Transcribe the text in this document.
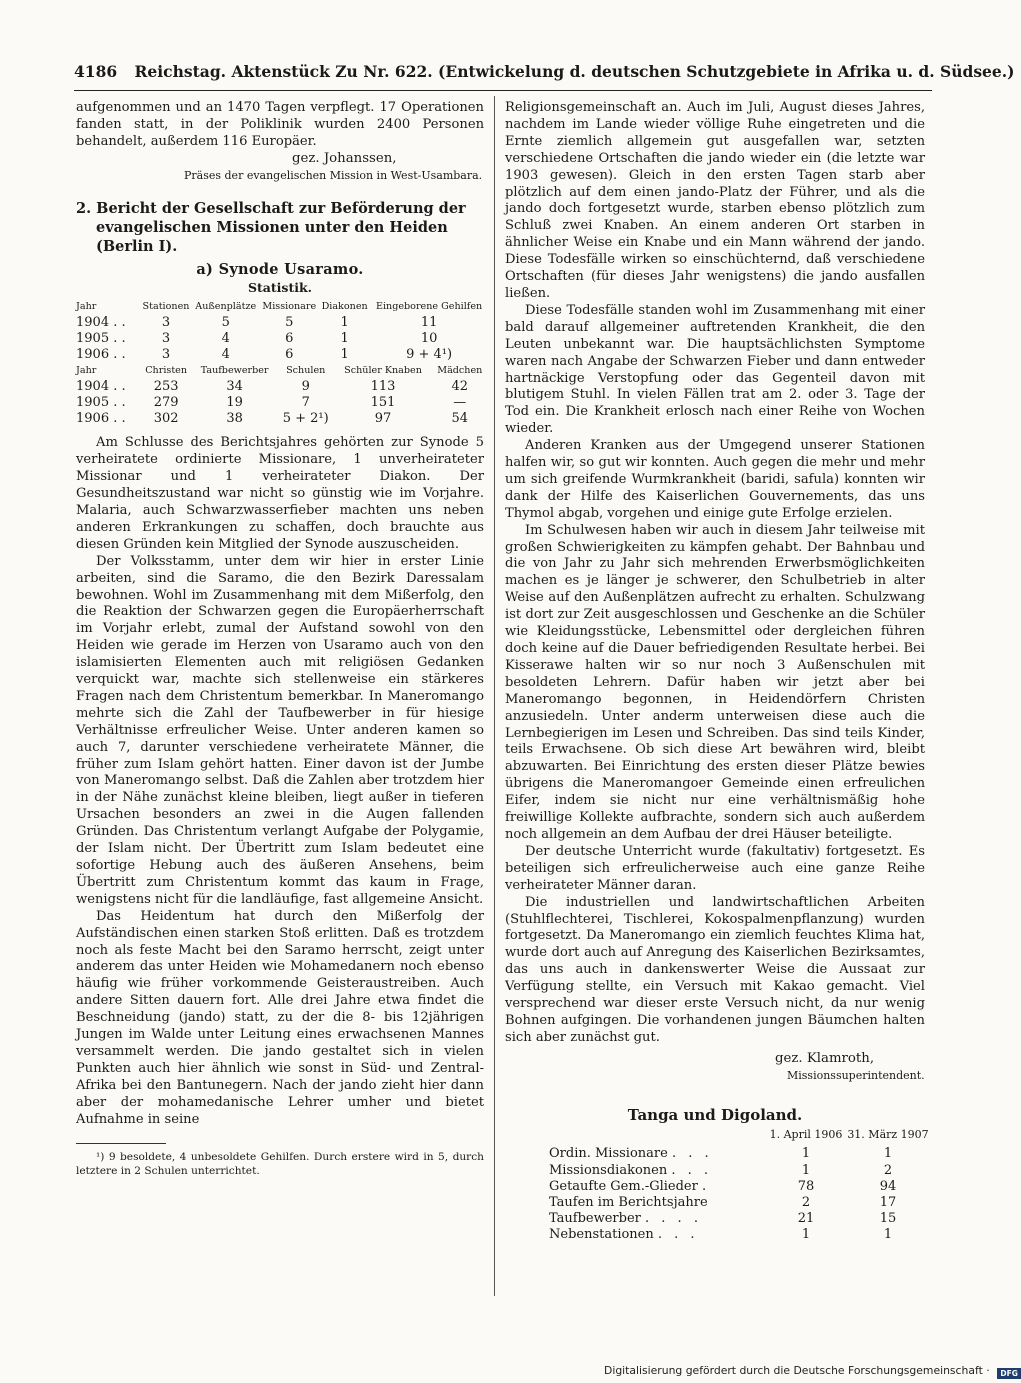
4186 Reichstag. Aktenstück Zu Nr. 622. (Entwickelung d. deutschen Schutzgebiete in Afrika u. d. Südsee.)

aufgenommen und an 1470 Tagen verpflegt. 17 Operationen fanden statt, in der Poliklinik wurden 2400 Personen behandelt, außerdem 116 Europäer.

gez. Johanssen,

Präses der evangelischen Mission in West-Usambara.

2. Bericht der Gesellschaft zur Beförderung der evangelischen Missionen unter den Heiden (Berlin I).
a) Synode Usaramo.
Statistik.
Jahr	Stationen	Außenplätze	Missionare	Diakonen	Eingeborene Gehilfen
1904 . .	3	5	5	1	11
1905 . .	3	4	6	1	10
1906 . .	3	4	6	1	9 + 4¹)
Jahr	Christen	Taufbewerber	Schulen	Schüler Knaben	Mädchen
1904 . .	253	34	9	113	42
1905 . .	279	19	7	151	—
1906 . .	302	38	5 + 2¹)	97	54

Am Schlusse des Berichtsjahres gehörten zur Synode 5 verheiratete ordinierte Missionare, 1 unverheirateter Missionar und 1 verheirateter Diakon. Der Gesundheitszustand war nicht so günstig wie im Vorjahre. Malaria, auch Schwarzwasserfieber machten uns neben anderen Erkrankungen zu schaffen, doch brauchte aus diesen Gründen kein Mitglied der Synode auszuscheiden.

Der Volksstamm, unter dem wir hier in erster Linie arbeiten, sind die Saramo, die den Bezirk Daressalam bewohnen. Wohl im Zusammenhang mit dem Mißerfolg, den die Reaktion der Schwarzen gegen die Europäerherrschaft im Vorjahr erlebt, zumal der Aufstand sowohl von den Heiden wie gerade im Herzen von Usaramo auch von den islamisierten Elementen auch mit religiösen Gedanken verquickt war, machte sich stellenweise ein stärkeres Fragen nach dem Christentum bemerkbar. In Maneromango mehrte sich die Zahl der Taufbewerber in für hiesige Verhältnisse erfreulicher Weise. Unter anderen kamen so auch 7, darunter verschiedene verheiratete Männer, die früher zum Islam gehört hatten. Einer davon ist der Jumbe von Maneromango selbst. Daß die Zahlen aber trotzdem hier in der Nähe zunächst kleine bleiben, liegt außer in tieferen Ursachen besonders an zwei in die Augen fallenden Gründen. Das Christentum verlangt Aufgabe der Polygamie, der Islam nicht. Der Übertritt zum Islam bedeutet eine sofortige Hebung auch des äußeren Ansehens, beim Übertritt zum Christentum kommt das kaum in Frage, wenigstens nicht für die landläufige, fast allgemeine Ansicht.

Das Heidentum hat durch den Mißerfolg der Aufständischen einen starken Stoß erlitten. Daß es trotzdem noch als feste Macht bei den Saramo herrscht, zeigt unter anderem das unter Heiden wie Mohamedanern noch ebenso häufig wie früher vorkommende Geisteraustreiben. Auch andere Sitten dauern fort. Alle drei Jahre etwa findet die Beschneidung (jando) statt, zu der die 8- bis 12jährigen Jungen im Walde unter Leitung eines erwachsenen Mannes versammelt werden. Die jando gestaltet sich in vielen Punkten auch hier ähnlich wie sonst in Süd- und Zentral-Afrika bei den Bantunegern. Nach der jando zieht hier dann aber der mohamedanische Lehrer umher und bietet Aufnahme in seine

¹) 9 besoldete, 4 unbesoldete Gehilfen. Durch erstere wird in 5, durch letztere in 2 Schulen unterrichtet.

Religionsgemeinschaft an. Auch im Juli, August dieses Jahres, nachdem im Lande wieder völlige Ruhe eingetreten und die Ernte ziemlich allgemein gut ausgefallen war, setzten verschiedene Ortschaften die jando wieder ein (die letzte war 1903 gewesen). Gleich in den ersten Tagen starb aber plötzlich auf dem einen jando-Platz der Führer, und als die jando doch fortgesetzt wurde, starben ebenso plötzlich zum Schluß zwei Knaben. An einem anderen Ort starben in ähnlicher Weise ein Knabe und ein Mann während der jando. Diese Todesfälle wirken so einschüchternd, daß verschiedene Ortschaften (für dieses Jahr wenigstens) die jando ausfallen ließen.

Diese Todesfälle standen wohl im Zusammenhang mit einer bald darauf allgemeiner auftretenden Krankheit, die den Leuten unbekannt war. Die hauptsächlichsten Symptome waren nach Angabe der Schwarzen Fieber und dann entweder hartnäckige Verstopfung oder das Gegenteil davon mit blutigem Stuhl. In vielen Fällen trat am 2. oder 3. Tage der Tod ein. Die Krankheit erlosch nach einer Reihe von Wochen wieder.

Anderen Kranken aus der Umgegend unserer Stationen halfen wir, so gut wir konnten. Auch gegen die mehr und mehr um sich greifende Wurmkrankheit (baridi, safula) konnten wir dank der Hilfe des Kaiserlichen Gouvernements, das uns Thymol abgab, vorgehen und einige gute Erfolge erzielen.

Im Schulwesen haben wir auch in diesem Jahr teilweise mit großen Schwierigkeiten zu kämpfen gehabt. Der Bahnbau und die von Jahr zu Jahr sich mehrenden Erwerbsmöglichkeiten machen es je länger je schwerer, den Schulbetrieb in alter Weise auf den Außenplätzen aufrecht zu erhalten. Schulzwang ist dort zur Zeit ausgeschlossen und Geschenke an die Schüler wie Kleidungsstücke, Lebensmittel oder dergleichen führen doch keine auf die Dauer befriedigenden Resultate herbei. Bei Kisserawe halten wir so nur noch 3 Außenschulen mit besoldeten Lehrern. Dafür haben wir jetzt aber bei Maneromango begonnen, in Heidendörfern Christen anzusiedeln. Unter anderm unterweisen diese auch die Lernbegierigen im Lesen und Schreiben. Das sind teils Kinder, teils Erwachsene. Ob sich diese Art bewähren wird, bleibt abzuwarten. Bei Einrichtung des ersten dieser Plätze bewies übrigens die Maneromangoer Gemeinde einen erfreulichen Eifer, indem sie nicht nur eine verhältnismäßig hohe freiwillige Kollekte aufbrachte, sondern sich auch außerdem noch allgemein an dem Aufbau der drei Häuser beteiligte.

Der deutsche Unterricht wurde (fakultativ) fortgesetzt. Es beteiligen sich erfreulicherweise auch eine ganze Reihe verheirateter Männer daran.

Die industriellen und landwirtschaftlichen Arbeiten (Stuhlflechterei, Tischlerei, Kokospalmenpflanzung) wurden fortgesetzt. Da Maneromango ein ziemlich feuchtes Klima hat, wurde dort auch auf Anregung des Kaiserlichen Bezirksamtes, das uns auch in dankenswerter Weise die Aussaat zur Verfügung stellte, ein Versuch mit Kakao gemacht. Viel versprechend war dieser erste Versuch nicht, da nur wenig Bohnen aufgingen. Die vorhandenen jungen Bäumchen halten sich aber zunächst gut.

gez. Klamroth,

Missionssuperintendent.

Tanga und Digoland.
	1. April 1906	31. März 1907
Ordin. Missionare . . .	1	1
Missionsdiakonen . . .	1	2
Getaufte Gem.-Glieder .	78	94
Taufen im Berichtsjahre	2	17
Taufbewerber . . . .	21	15
Nebenstationen . . .	1	1
Digitalisierung gefördert durch die Deutsche Forschungsgemeinschaft · DFG
